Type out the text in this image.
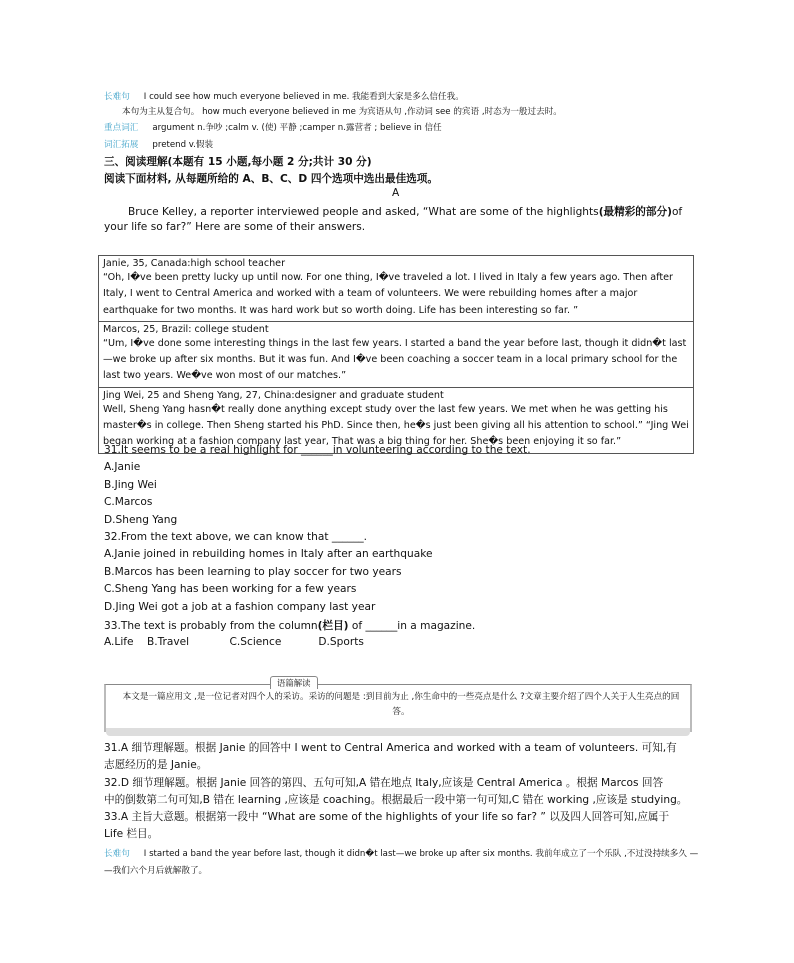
长难句 I could see how much everyone believed in me. 我能看到大家是多么信任我。
本句为主从复合句。 how much everyone believed in me 为宾语从句 ,作动词 see 的宾语 ,时态为一般过去时。
重点词汇 argument n.争吵 ;calm v. (使) 平静 ;camper n.露营者 ; believe in 信任
词汇拓展 pretend v.假装
三、阅读理解(本题有 15 小题,每小题 2 分;共计 30 分)
阅读下面材料, 从每题所给的 A、B、C、D 四个选项中选出最佳选项。
A
Bruce Kelley, a reporter interviewed people and asked, “What are some of the highlights(最精彩的部分)of
your life so far?” Here are some of their answers.
Janie, 35, Canada:high school teacher
“Oh, I�ve been pretty lucky up until now. For one thing, I�ve traveled a lot. I lived in Italy a few years ago. Then after Italy, I went to Central America and worked with a team of volunteers. We were rebuilding homes after a major earthquake for two months. It was hard work but so worth doing. Life has been interesting so far. ”
Marcos, 25, Brazil: college student
“Um, I�ve done some interesting things in the last few years. I started a band the year before last, though it didn�t last—we broke up after six months. But it was fun. And I�ve been coaching a soccer team in a local primary school for the last two years. We�ve won most of our matches.”
Jing Wei, 25 and Sheng Yang, 27, China:designer and graduate student
Well, Sheng Yang hasn�t really done anything except study over the last few years. We met when he was getting his master�s in college. Then Sheng started his PhD. Since then, he�s just been giving all his attention to school.” “Jing Wei began working at a fashion company last year, That was a big thing for her. She�s been enjoying it so far.”
31.It seems to be a real highlight for ______in volunteering according to the text.
A.Janie
B.Jing Wei
C.Marcos
D.Sheng Yang
32.From the text above, we can know that ______.
A.Janie joined in rebuilding homes in Italy after an earthquake
B.Marcos has been learning to play soccer for two years
C.Sheng Yang has been working for a few years
D.Jing Wei got a job at a fashion company last year
33.The text is probably from the column(栏目) of ______in a magazine.
A.Life    B.Travel            C.Science           D.Sports
语篇解读
本文是一篇应用文 ,是一位记者对四个人的采访。采访的问题是 :到目前为止 ,你生命中的一些亮点是什么 ?文章主要介绍了四个人关于人生亮点的回答。
31.A 细节理解题。根据 Janie 的回答中 I went to Central America and worked with a team of volunteers. 可知,有
志愿经历的是 Janie。
32.D 细节理解题。根据 Janie 回答的第四、五句可知,A 错在地点 Italy,应该是 Central America 。根据 Marcos 回答
中的倒数第二句可知,B 错在 learning ,应该是 coaching。根据最后一段中第一句可知,C 错在 working ,应该是 studying。
33.A 主旨大意题。根据第一段中 “What are some of the highlights of your life so far? ” 以及四人回答可知,应属于
Life 栏目。
长难句 I started a band the year before last, though it didn�t last—we broke up after six months. 我前年成立了一个乐队 ,不过没持续多久 —
—我们六个月后就解散了。
